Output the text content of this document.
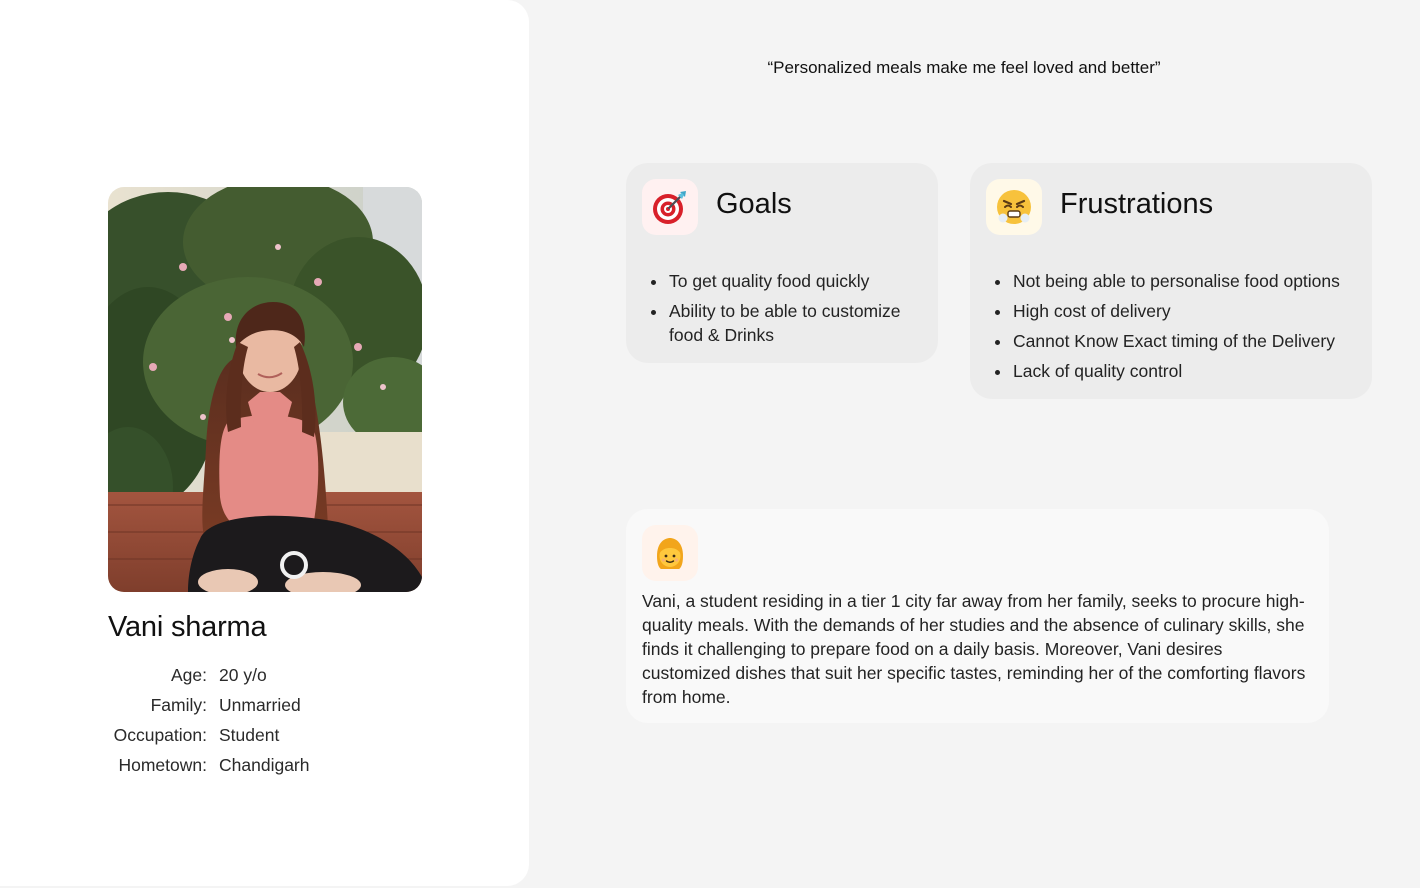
Vani sharma
Age: 20 y/o
Family: Unmarried
Occupation: Student
Hometown: Chandigarh
“Personalized meals make me feel loved and better”
Goals
• To get quality food quickly
• Ability to be able to customize food & Drinks
Frustrations
• Not being able to personalise food options
• High cost of delivery
• Cannot Know Exact timing of the Delivery
• Lack of quality control

Vani, a student residing in a tier 1 city far away from her family, seeks to procure high-quality meals. With the demands of her studies and the absence of culinary skills, she finds it challenging to prepare food on a daily basis. Moreover, Vani desires customized dishes that suit her specific tastes, reminding her of the comforting flavors from home.
